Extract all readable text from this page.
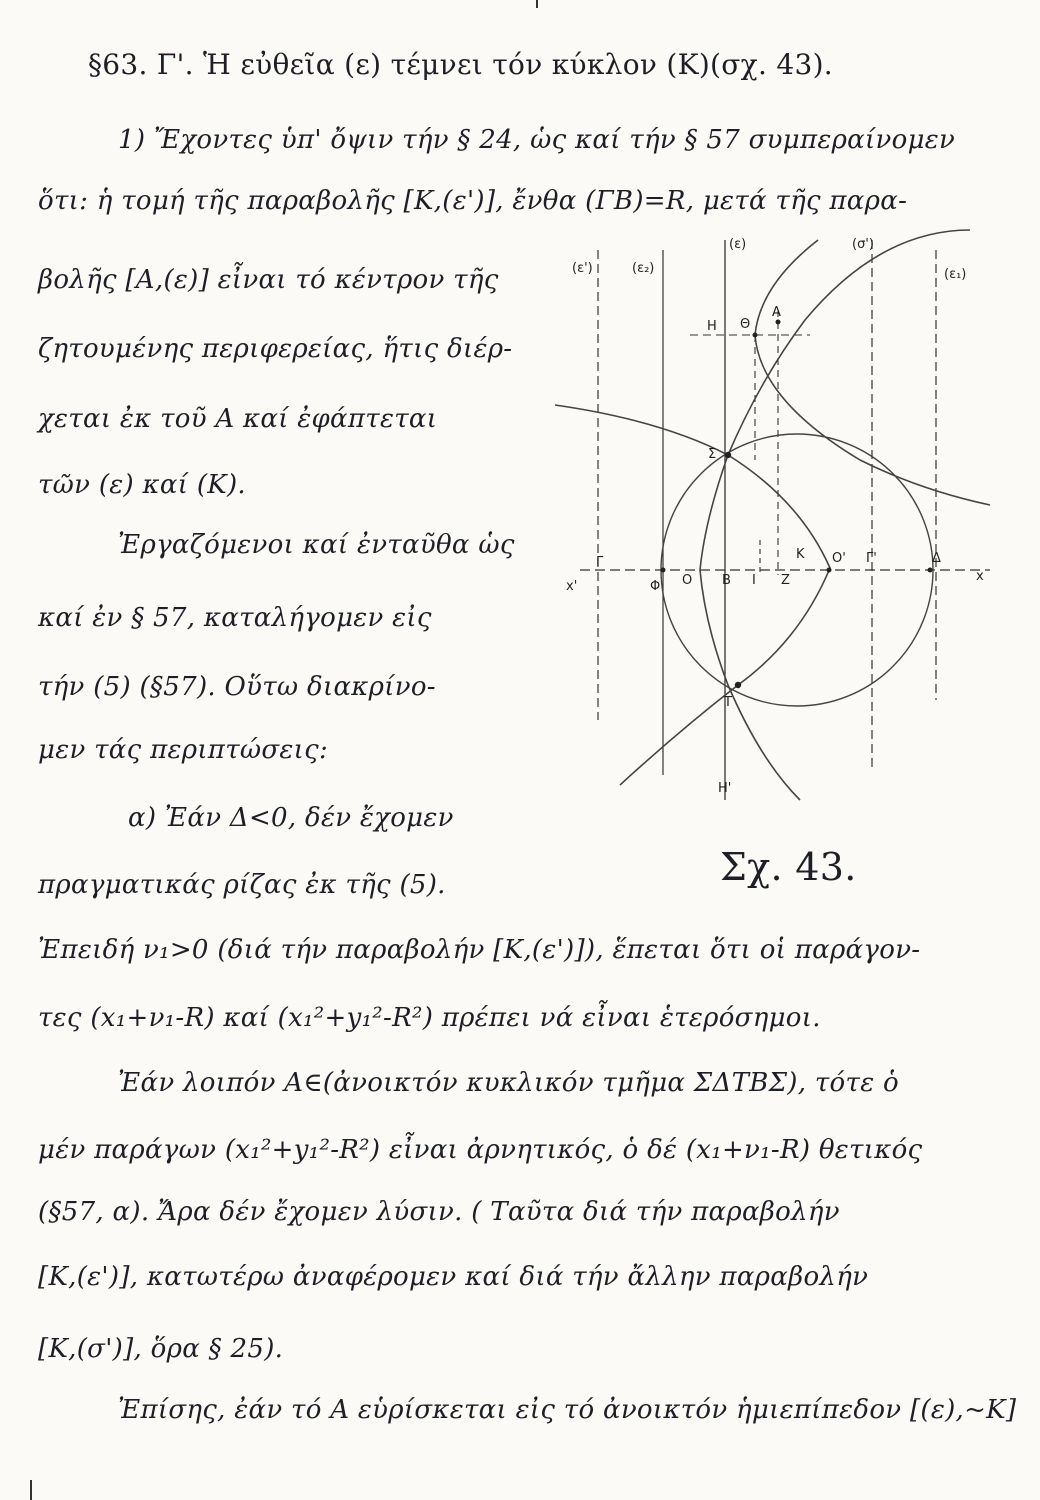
§63. Γ'. Ἡ εὐθεῖα (ε) τέμνει τόν κύκλον (Κ)(σχ. 43).
1) Ἔχοντες ὑπ' ὄψιν τήν § 24, ὡς καί τήν § 57 συμπεραίνομεν
ὅτι: ἡ τομή τῆς παραβολῆς [Κ,(ε')], ἔνθα (ΓΒ)=R, μετά τῆς παρα-
βολῆς [Α,(ε)] εἶναι τό κέντρον τῆς
ζητουμένης περιφερείας, ἥτις διέρ-
χεται ἐκ τοῦ Α καί ἐφάπτεται
τῶν (ε) καί (Κ).
Ἐργαζόμενοι καί ἐνταῦθα ὡς
καί ἐν § 57, καταλήγομεν εἰς
τήν (5) (§57). Οὕτω διακρίνο-
μεν τάς περιπτώσεις:
α) Ἐάν Δ<0, δέν ἔχομεν
πραγματικάς ρίζας ἐκ τῆς (5).
Ἐπειδή ν₁>0 (διά τήν παραβολήν [Κ,(ε')]), ἕπεται ὅτι οἱ παράγον-
τες (x₁+ν₁-R) καί (x₁²+y₁²-R²) πρέπει νά εἶναι ἑτερόσημοι.
Ἐάν λοιπόν Α∈(ἀνοικτόν κυκλικόν τμῆμα ΣΔΤΒΣ), τότε ὁ
μέν παράγων (x₁²+y₁²-R²) εἶναι ἀρνητικός, ὁ δέ (x₁+ν₁-R) θετικός
(§57, α). Ἄρα δέν ἔχομεν λύσιν. ( Ταῦτα διά τήν παραβολήν
[Κ,(ε')], κατωτέρω ἀναφέρομεν καί διά τήν ἄλλην παραβολήν
[Κ,(σ')], ὅρα § 25).
Ἐπίσης, ἐάν τό Α εὑρίσκεται εἰς τό ἀνοικτόν ἡμιεπίπεδον [(ε),~Κ]
Σχ. 43.
(ε')	(ε₂)
(ε)	(σ')
(ε₁)
Η Θ
Α
Σ
Κ Ο' Γ'	Δ
Γ
x'	Φ Ο Β Ι Ζ	x
Τ
Η'
